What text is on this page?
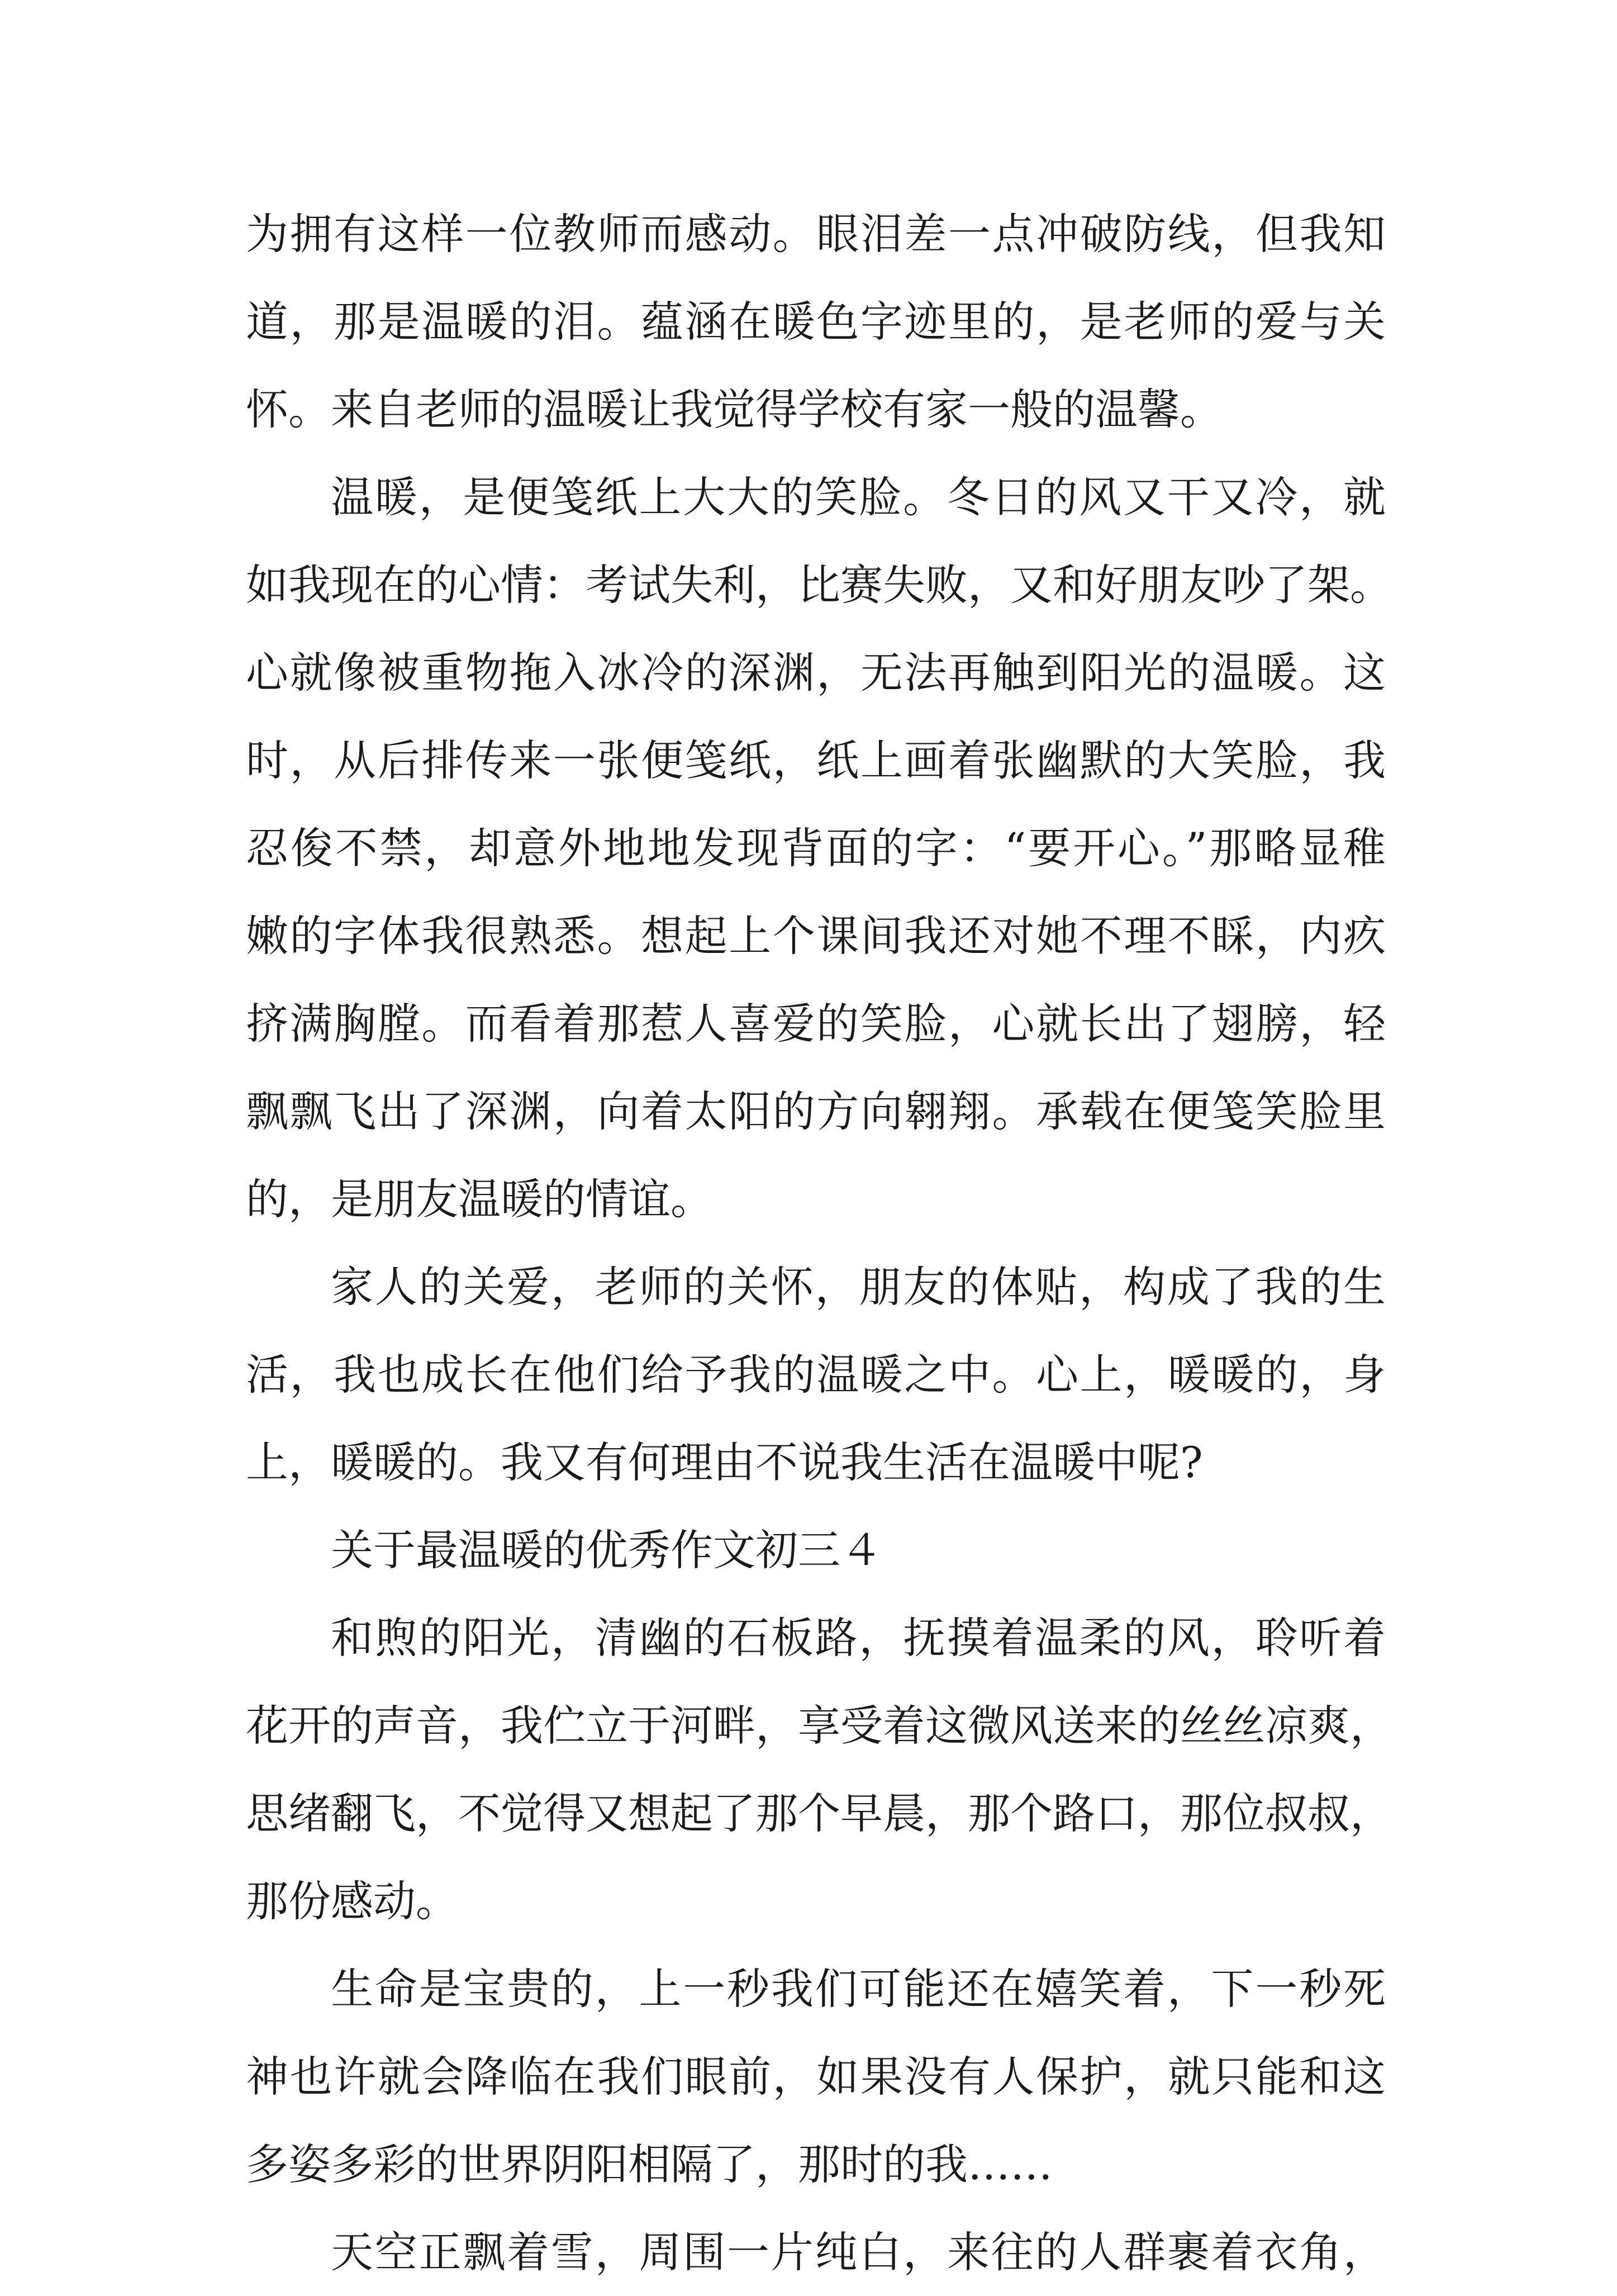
为拥有这样一位教师而感动。眼泪差一点冲破防线，但我知
道，那是温暖的泪。蕴涵在暖色字迹里的，是老师的爱与关
怀。来自老师的温暖让我觉得学校有家一般的温馨。
温暖，是便笺纸上大大的笑脸。冬日的风又干又冷，就
如我现在的心情：考试失利，比赛失败，又和好朋友吵了架。
心就像被重物拖入冰冷的深渊，无法再触到阳光的温暖。这
时，从后排传来一张便笺纸，纸上画着张幽默的大笑脸，我
忍俊不禁，却意外地地发现背面的字：“要开心。”那略显稚
嫩的字体我很熟悉。想起上个课间我还对她不理不睬，内疚
挤满胸膛。而看着那惹人喜爱的笑脸，心就长出了翅膀，轻
飘飘飞出了深渊，向着太阳的方向翱翔。承载在便笺笑脸里
的，是朋友温暖的情谊。
家人的关爱，老师的关怀，朋友的体贴，构成了我的生
活，我也成长在他们给予我的温暖之中。心上，暖暖的，身
上，暖暖的。我又有何理由不说我生活在温暖中呢?
关于最温暖的优秀作文初三４
和煦的阳光，清幽的石板路，抚摸着温柔的风，聆听着
花开的声音，我伫立于河畔，享受着这微风送来的丝丝凉爽，
思绪翻飞，不觉得又想起了那个早晨，那个路口，那位叔叔，
那份感动。
生命是宝贵的，上一秒我们可能还在嬉笑着，下一秒死
神也许就会降临在我们眼前，如果没有人保护，就只能和这
多姿多彩的世界阴阳相隔了，那时的我……
天空正飘着雪，周围一片纯白，来往的人群裹着衣角，
